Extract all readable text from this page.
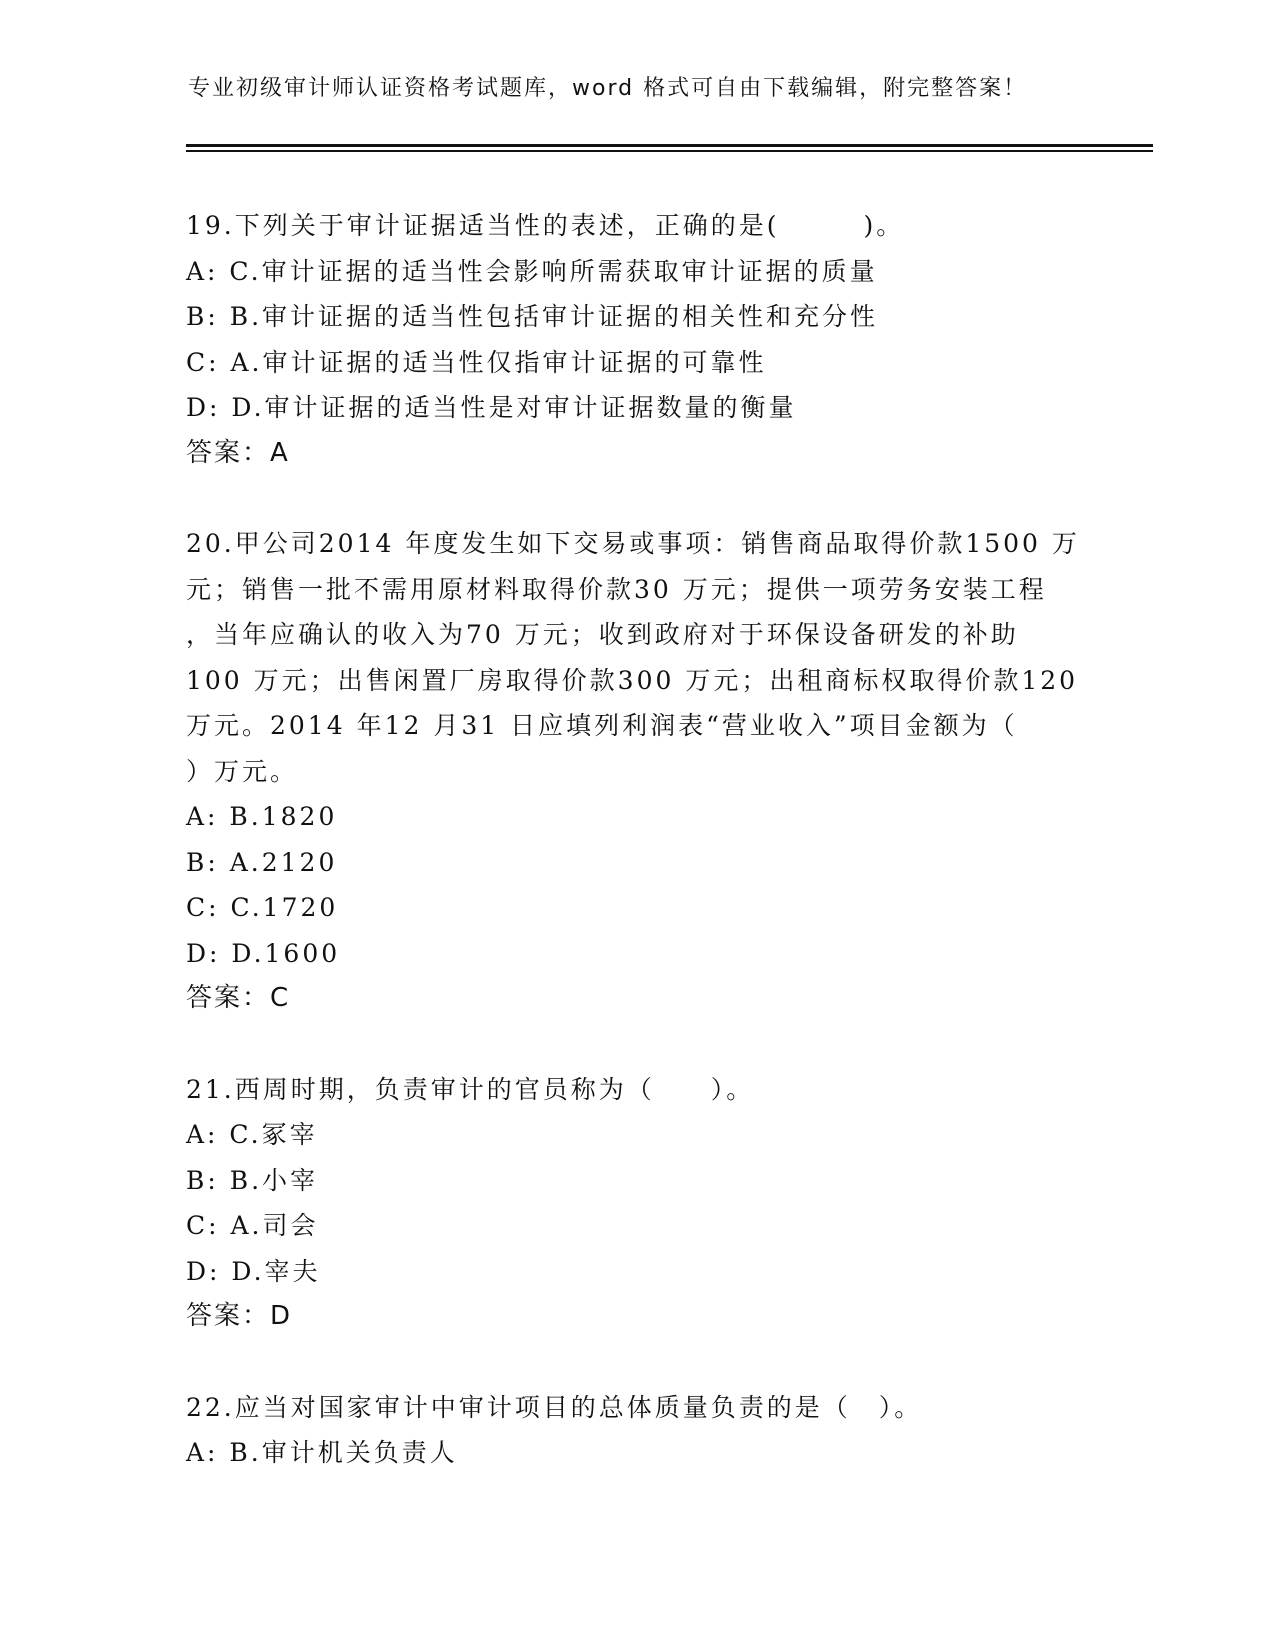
专业初级审计师认证资格考试题库，word 格式可自由下载编辑，附完整答案！
19.下列关于审计证据适当性的表述，正确的是(　　　)。
A: C.审计证据的适当性会影响所需获取审计证据的质量
B: B.审计证据的适当性包括审计证据的相关性和充分性
C: A.审计证据的适当性仅指审计证据的可靠性
D: D.审计证据的适当性是对审计证据数量的衡量
答案：A
20.甲公司2014 年度发生如下交易或事项：销售商品取得价款1500 万
元；销售一批不需用原材料取得价款30 万元；提供一项劳务安装工程
，当年应确认的收入为70 万元；收到政府对于环保设备研发的补助
100 万元；出售闲置厂房取得价款300 万元；出租商标权取得价款120
万元。2014 年12 月31 日应填列利润表“营业收入”项目金额为（
）万元。
A: B.1820
B: A.2120
C: C.1720
D: D.1600
答案：C
21.西周时期，负责审计的官员称为（　　）。
A: C.冢宰
B: B.小宰
C: A.司会
D: D.宰夫
答案：D
22.应当对国家审计中审计项目的总体质量负责的是（　）。
A: B.审计机关负责人
